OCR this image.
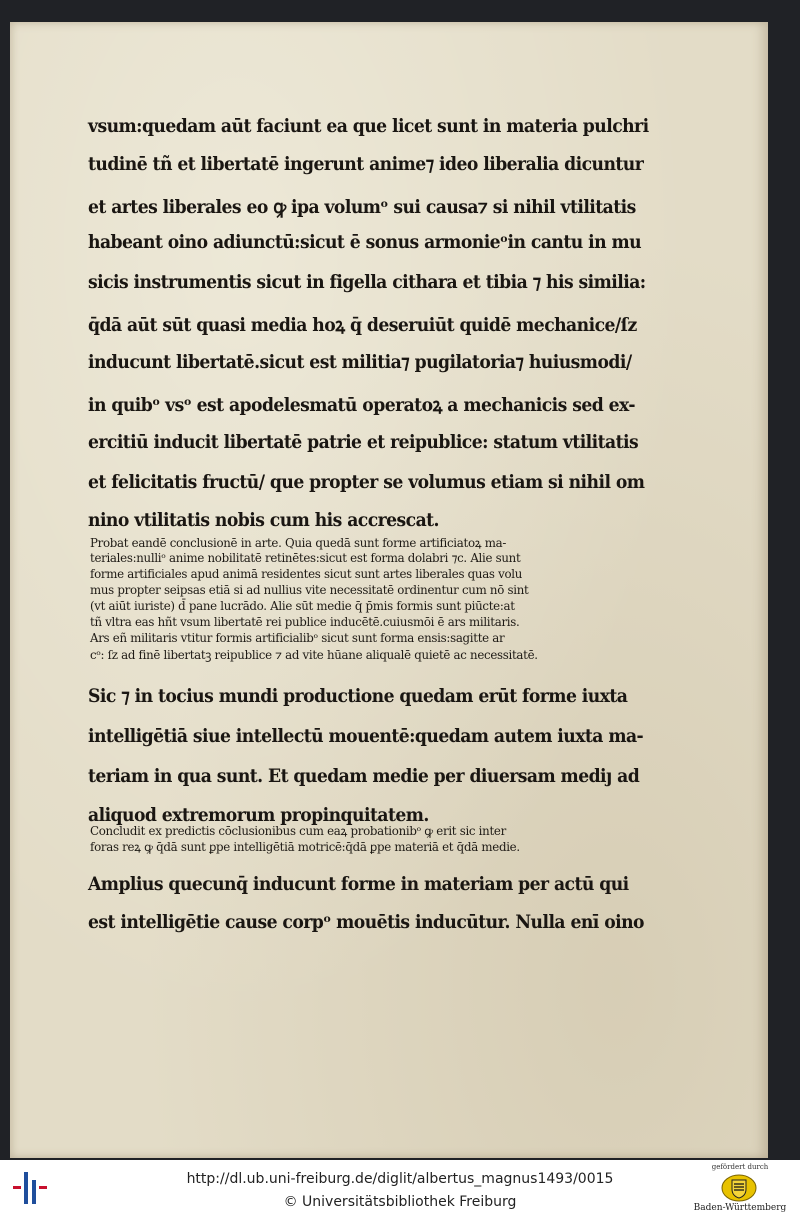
vsum:quedam aūt faciunt ea que licet sunt in materia pulchri
tudinē tñ et libertatē ingerunt anime⁊ ideo liberalia dicuntur
et artes liberales eo ꝙ ipa volumᵒ sui causa⁊ si nihil vtilitatis
habeant oino adiunctū:sicut ē sonus armonieᵒin cantu in mu
sicis instrumentis sicut in figella cithara et tibia ⁊ his similia:
q̄dā aūt sūt quasi media hoꝝ q̄ deseruiūt quidē mechanice/ſz
inducunt libertatē.sicut est militia⁊ pugilatoria⁊ huiusmodi/
in quibᵒ vsᵒ est apodelesmatū operatoꝝ a mechanicis sed ex-
ercitiū inducit libertatē patrie et reipublice: statum vtilitatis
et felicitatis fructū/ que propter se volumus etiam si nihil om
nino vtilitatis nobis cum his accrescat.
Probat eandē conclusionē in arte. Quia quedā sunt forme artificiatoꝝ ma-
teriales:nulliᵒ anime nobilitatē retinētes:sicut est forma dolabri ⁊c. Alie sunt
forme artificiales apud animā residentes sicut sunt artes liberales quas volu
mus propter seipsas etiā si ad nullius vite necessitatē ordinentur cum nō sint
(vt aiūt iuriste) d̄ pane lucrādo. Alie sūt medie q̄ p̄mis formis sunt piūcte:at
tñ vltra eas hñt vsum libertatē rei publice inducētē.cuiusmōi ē ars militaris.
Ars eñ militaris vtitur formis artificialibᵒ sicut sunt forma ensis:sagitte ar
cᵒ: ſz ad finē libertatꝫ reipublice ⁊ ad vite hūane aliqualē quietē ac necessitatē.
Sic ⁊ in tocius mundi productione quedam erūt forme iuxta
intelligētiā siue intellectū mouentē:quedam autem iuxta ma-
teriam in qua sunt. Et quedam medie per diuersam mediȷ ad
aliquod extremorum propinquitatem.
Concludit ex predictis cōclusionibus cum eaꝝ probationibᵒ ꝙ erit sic inter
foras reꝝ ꝙ q̄dā sunt ꝑpe intelligētiā motricē:q̄dā ꝑpe materiā et q̄dā medie.
Amplius quecunq̄ inducunt forme in materiam per actū qui
est intelligētie cause corpᵒ mouētis inducūtur. Nulla enī oino
http://dl.ub.uni-freiburg.de/diglit/albertus_magnus1493/0015
© Universitätsbibliothek Freiburg
gefördert durch
Baden-Württemberg
